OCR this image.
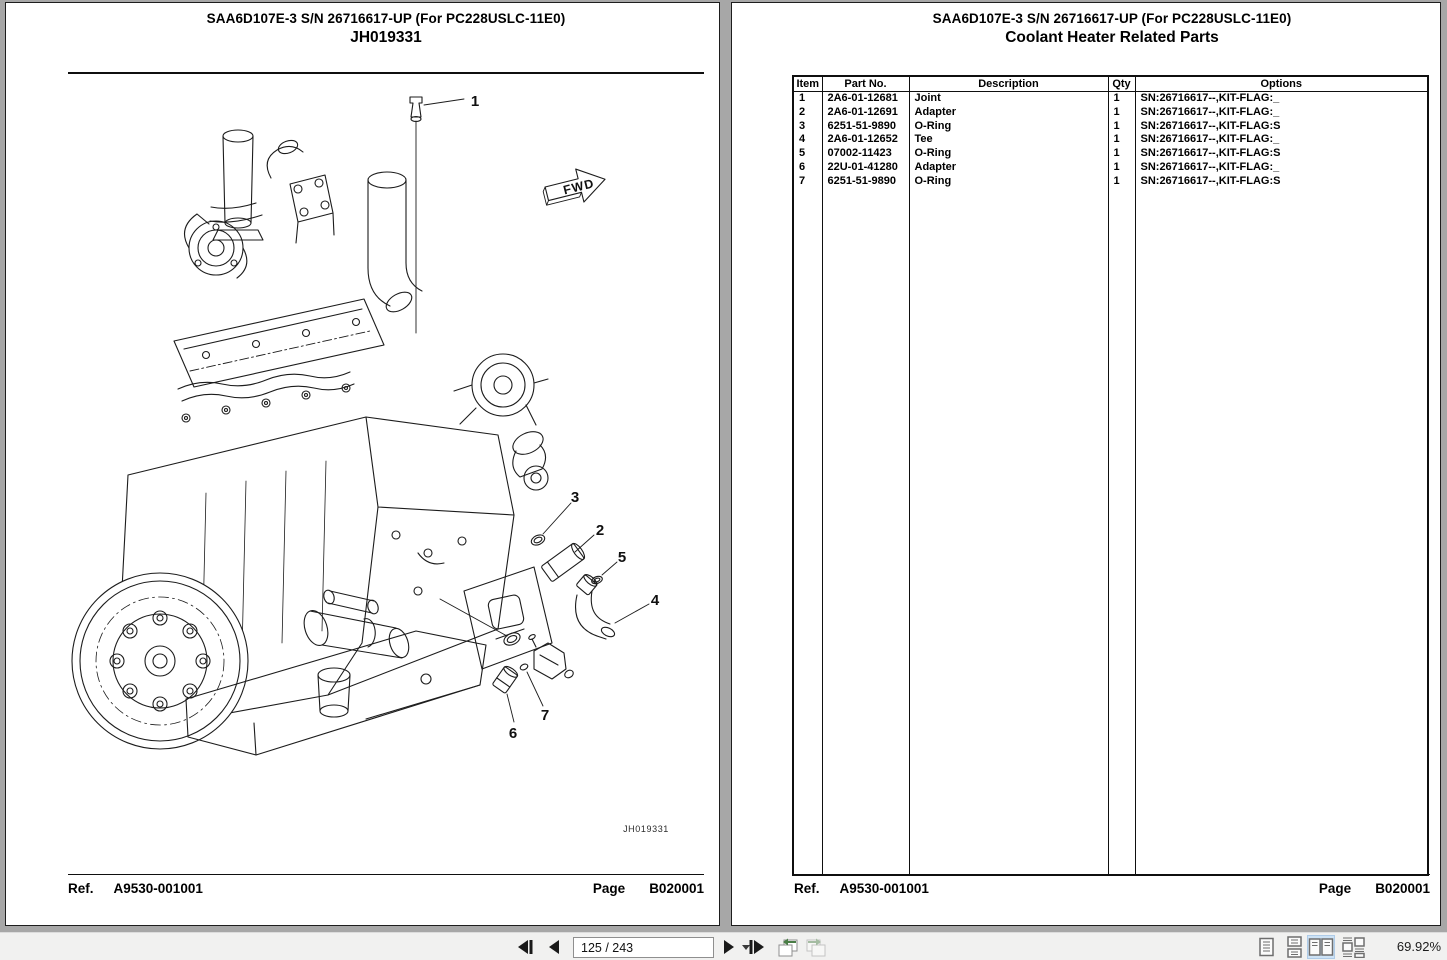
SAA6D107E-3 S/N 26716617-UP (For PC228USLC-11E0)
JH019331
FWD
1
2
3
4
5
6
7
JH019331
Ref. A9530-001001	Page B020001
SAA6D107E-3 S/N 26716617-UP (For PC228USLC-11E0)
Coolant Heater Related Parts
Item	Part No.	Description	Qty	Options
1	2A6-01-12681	Joint	1	SN:26716617--,KIT-FLAG:_
2	2A6-01-12691	Adapter	1	SN:26716617--,KIT-FLAG:_
3	6251-51-9890	O-Ring	1	SN:26716617--,KIT-FLAG:S
4	2A6-01-12652	Tee	1	SN:26716617--,KIT-FLAG:_
5	07002-11423	O-Ring	1	SN:26716617--,KIT-FLAG:S
6	22U-01-41280	Adapter	1	SN:26716617--,KIT-FLAG:_
7	6251-51-9890	O-Ring	1	SN:26716617--,KIT-FLAG:S

Ref. A9530-001001	Page B020001
125 / 243
69.92%
